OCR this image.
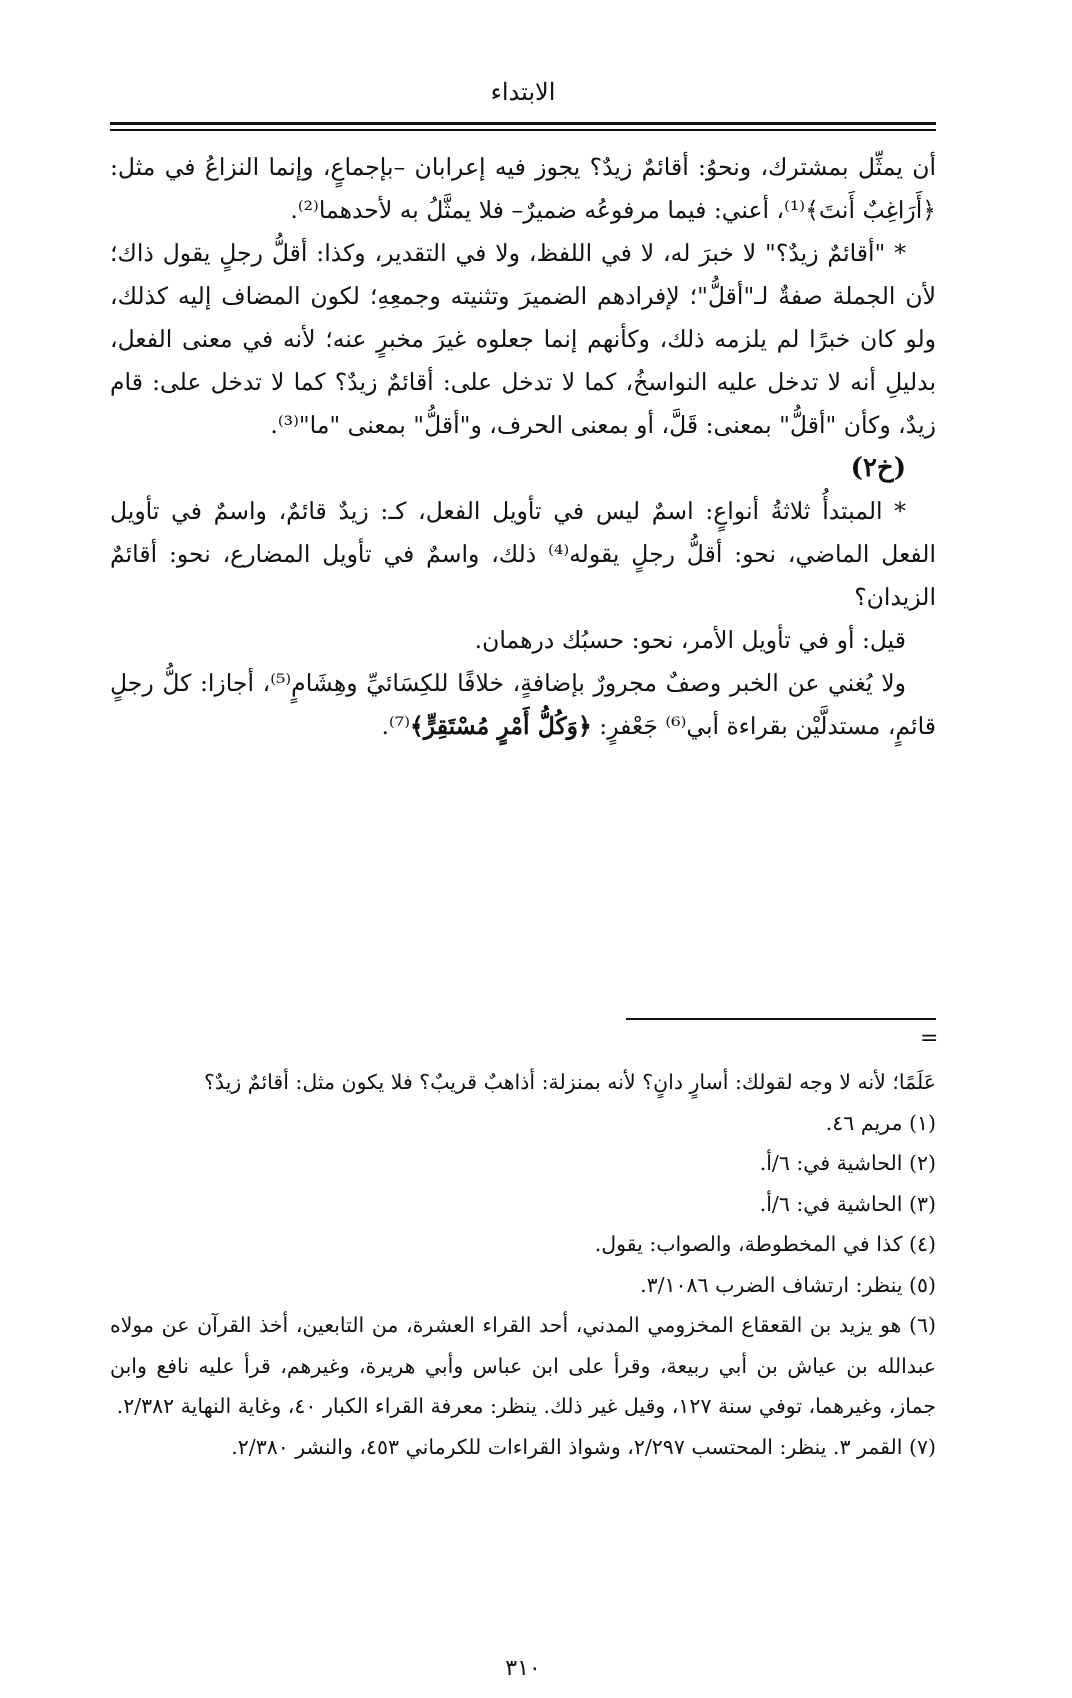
الابتداء

أن يمثِّل بمشترك، ونحوُ: أقائمٌ زيدٌ؟ يجوز فيه إعرابان –بإجماعٍ، وإنما النزاعُ في مثل: ﴿أَرَاغِبٌ أَنتَ﴾⁽¹⁾، أعني: فيما مرفوعُه ضميرٌ– فلا يمثَّلُ به لأحدهما⁽²⁾.

* "أقائمٌ زيدٌ؟" لا خبرَ له، لا في اللفظ، ولا في التقدير، وكذا: أقلُّ رجلٍ يقول ذاك؛ لأن الجملة صفةٌ لـ"أقلُّ"؛ لإفرادهم الضميرَ وتثنيته وجمعِهِ؛ لكون المضاف إليه كذلك، ولو كان خبرًا لم يلزمه ذلك، وكأنهم إنما جعلوه غيرَ مخبرٍ عنه؛ لأنه في معنى الفعل، بدليلِ أنه لا تدخل عليه النواسخُ، كما لا تدخل على: أقائمٌ زيدٌ؟ كما لا تدخل على: قام زيدٌ، وكأن "أقلُّ" بمعنى: قَلَّ، أو بمعنى الحرف، و"أقلُّ" بمعنى "ما"⁽³⁾.

(خ٢)

* المبتدأُ ثلاثةُ أنواعٍ: اسمٌ ليس في تأويل الفعل، كـ: زيدٌ قائمٌ، واسمٌ في تأويل الفعل الماضي، نحو: أقلُّ رجلٍ يقوله⁽⁴⁾ ذلك، واسمٌ في تأويل المضارع، نحو: أقائمٌ الزيدان؟

قيل: أو في تأويل الأمر، نحو: حسبُك درهمان.

ولا يُغني عن الخبر وصفٌ مجرورٌ بإضافةٍ، خلافًا للكِسَائيِّ وهِشَامٍ⁽⁵⁾، أجازا: كلُّ رجلٍ قائمٍ، مستدلَّيْن بقراءة أبي⁽⁶⁾ جَعْفرٍ: ﴿وَكُلُّ أَمْرٍ مُسْتَقِرٍّ﴾⁽⁷⁾.

=

عَلَمًا؛ لأنه لا وجه لقولك: أسارٍ دانٍ؟ لأنه بمنزلة: أذاهبٌ قريبٌ؟ فلا يكون مثل: أقائمٌ زيدٌ؟

(١) مريم ٤٦.

(٢) الحاشية في: ٦/أ.

(٣) الحاشية في: ٦/أ.

(٤) كذا في المخطوطة، والصواب: يقول.

(٥) ينظر: ارتشاف الضرب ٣/١٠٨٦.

(٦) هو يزيد بن القعقاع المخزومي المدني، أحد القراء العشرة، من التابعين، أخذ القرآن عن مولاه عبدالله بن عياش بن أبي ربيعة، وقرأ على ابن عباس وأبي هريرة، وغيرهم، قرأ عليه نافع وابن جماز، وغيرهما، توفي سنة ١٢٧، وقيل غير ذلك. ينظر: معرفة القراء الكبار ٤٠، وغاية النهاية ٢/٣٨٢.

(٧) القمر ٣. ينظر: المحتسب ٢/٢٩٧، وشواذ القراءات للكرماني ٤٥٣، والنشر ٢/٣٨٠.

٣١٠
